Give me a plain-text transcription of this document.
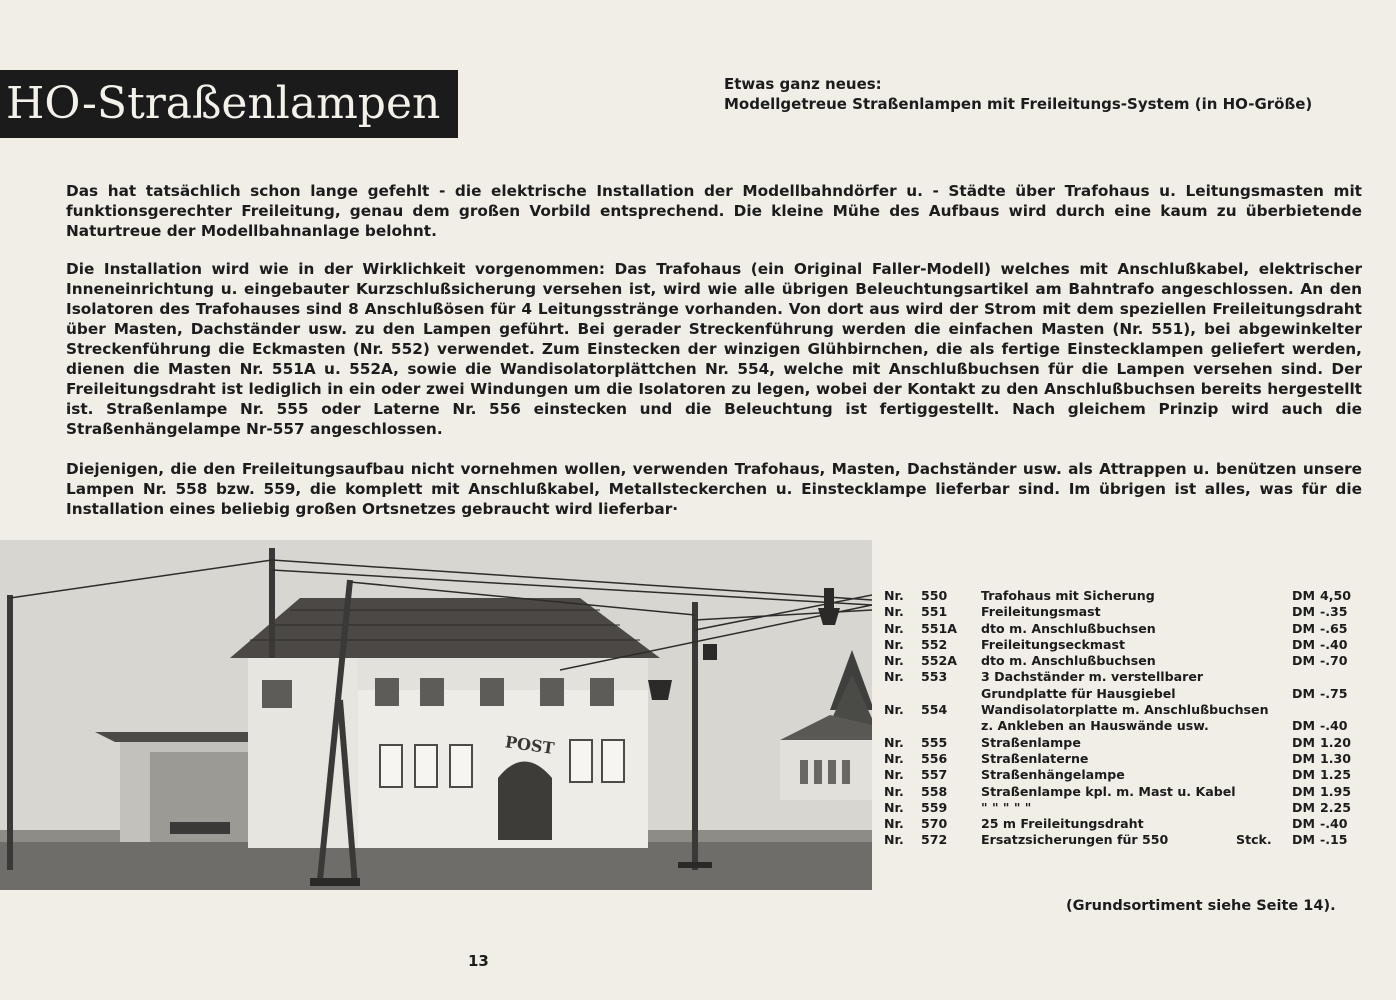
HO-Straßenlampen	Etwas ganz neues:
Modellgetreue Straßenlampen mit Freileitungs-System (in HO-Größe)

Das hat tatsächlich schon lange gefehlt - die elektrische Installation der Modellbahndörfer u. - Städte über Trafohaus u. Leitungsmasten mit funktionsgerechter Freileitung, genau dem großen Vorbild entsprechend. Die kleine Mühe des Aufbaus wird durch eine kaum zu überbietende Naturtreue der Modellbahnanlage belohnt.

Die Installation wird wie in der Wirklichkeit vorgenommen: Das Trafohaus (ein Original Faller-Modell) welches mit Anschlußkabel, elektrischer Inneneinrichtung u. eingebauter Kurzschlußsicherung versehen ist, wird wie alle übrigen Beleuchtungsartikel am Bahntrafo angeschlossen. An den Isolatoren des Trafohauses sind 8 Anschlußösen für 4 Leitungsstränge vorhanden. Von dort aus wird der Strom mit dem speziellen Freileitungsdraht über Masten, Dachständer usw. zu den Lampen geführt. Bei gerader Streckenführung werden die einfachen Masten (Nr. 551), bei abgewinkelter Streckenführung die Eckmasten (Nr. 552) verwendet. Zum Einstecken der winzigen Glühbirnchen, die als fertige Einstecklampen geliefert werden, dienen die Masten Nr. 551A u. 552A, sowie die Wandisolatorplättchen Nr. 554, welche mit Anschlußbuchsen für die Lampen versehen sind. Der Freileitungsdraht ist lediglich in ein oder zwei Windungen um die Isolatoren zu legen, wobei der Kontakt zu den Anschlußbuchsen bereits hergestellt ist. Straßenlampe Nr. 555 oder Laterne Nr. 556 einstecken und die Beleuchtung ist fertiggestellt. Nach gleichem Prinzip wird auch die Straßenhängelampe Nr-557 angeschlossen.

Diejenigen, die den Freileitungsaufbau nicht vornehmen wollen, verwenden Trafohaus, Masten, Dachständer usw. als Attrappen u. benützen unsere Lampen Nr. 558 bzw. 559, die komplett mit Anschlußkabel, Metallsteckerchen u. Einstecklampe lieferbar sind. Im übrigen ist alles, was für die Installation eines beliebig großen Ortsnetzes gebraucht wird lieferbar·

POST
Nr. 550	Trafohaus mit Sicherung	DM 4,50
Nr. 551	Freileitungsmast	DM -.35
Nr. 551A dto m. Anschlußbuchsen	DM -.65
Nr. 552	Freileitungseckmast	DM -.40
Nr. 552A dto m. Anschlußbuchsen	DM -.70
Nr. 553	3 Dachständer m. verstellbarer
Grundplatte für Hausgiebel	DM -.75
Nr. 554	Wandisolatorplatte m. Anschlußbuchsen
z. Ankleben an Hauswände usw.	DM -.40
Nr. 555	Straßenlampe	DM 1.20
Nr. 556	Straßenlaterne	DM 1.30
Nr. 557	Straßenhängelampe	DM 1.25
Nr. 558	Straßenlampe kpl. m. Mast u. Kabel	DM 1.95
Nr. 559	" " " " "	DM 2.25
Nr. 570	25 m Freileitungsdraht	DM -.40
Nr. 572	Ersatzsicherungen für 550	Stck. DM -.15
(Grundsortiment siehe Seite 14).
13
